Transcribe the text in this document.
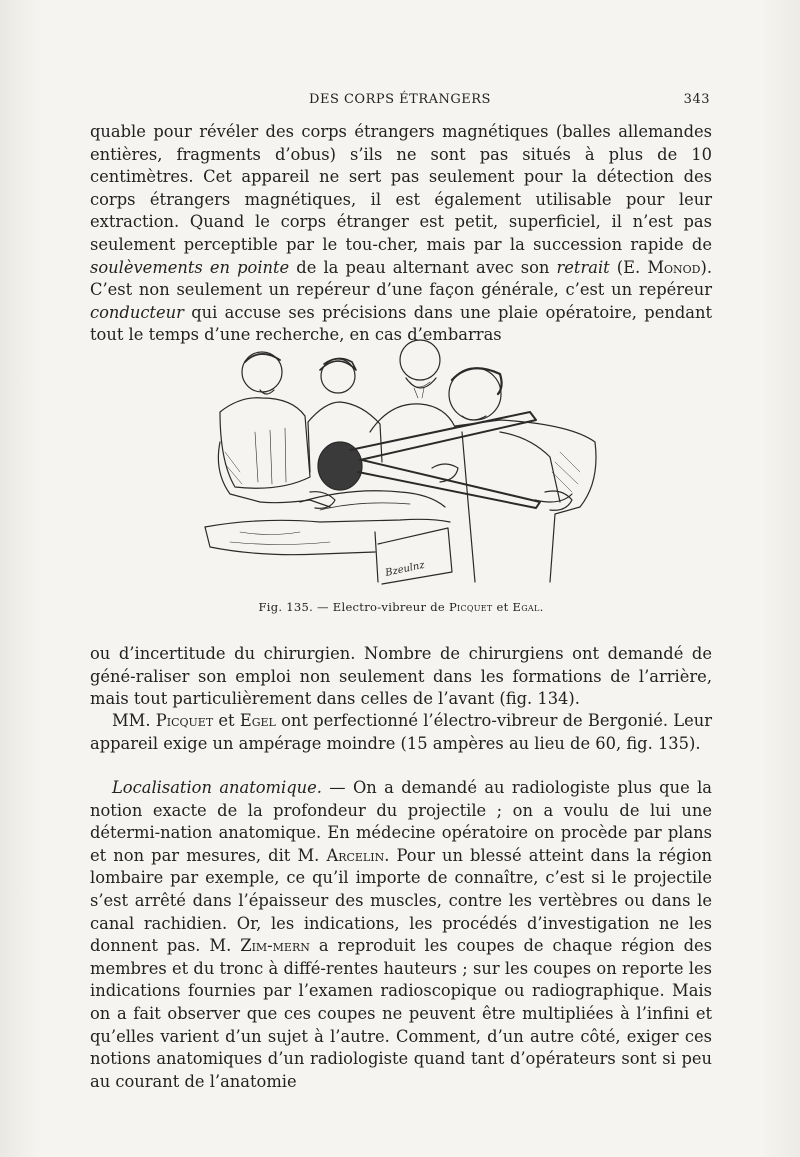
DES CORPS ÉTRANGERS	343

quable pour révéler des corps étrangers magnétiques (balles allemandes entières, fragments d’obus) s’ils ne sont pas situés à plus de 10 centimètres. Cet appareil ne sert pas seulement pour la détection des corps étrangers magnétiques, il est également utilisable pour leur extraction. Quand le corps étranger est petit, superficiel, il n’est pas seulement perceptible par le tou-cher, mais par la succession rapide de soulèvements en pointe de la peau alternant avec son retrait (E. Monod). C’est non seulement un repéreur d’une façon générale, c’est un repéreur conducteur qui accuse ses précisions dans une plaie opératoire, pendant tout le temps d’une recherche, en cas d’embarras

Bzeulnz
Fig. 135. — Electro-vibreur de Picquet et Egal.

ou d’incertitude du chirurgien. Nombre de chirurgiens ont demandé de géné-raliser son emploi non seulement dans les formations de l’arrière, mais tout particulièrement dans celles de l’avant (fig. 134).

MM. Picquet et Egel ont perfectionné l’électro-vibreur de Bergonié. Leur appareil exige un ampérage moindre (15 ampères au lieu de 60, fig. 135).

Localisation anatomique. — On a demandé au radiologiste plus que la notion exacte de la profondeur du projectile ; on a voulu de lui une détermi-nation anatomique. En médecine opératoire on procède par plans et non par mesures, dit M. Arcelin. Pour un blessé atteint dans la région lombaire par exemple, ce qu’il importe de connaître, c’est si le projectile s’est arrêté dans l’épaisseur des muscles, contre les vertèbres ou dans le canal rachidien. Or, les indications, les procédés d’investigation ne les donnent pas. M. Zim-mern a reproduit les coupes de chaque région des membres et du tronc à diffé-rentes hauteurs ; sur les coupes on reporte les indications fournies par l’examen radioscopique ou radiographique. Mais on a fait observer que ces coupes ne peuvent être multipliées à l’infini et qu’elles varient d’un sujet à l’autre. Comment, d’un autre côté, exiger ces notions anatomiques d’un radiologiste quand tant d’opérateurs sont si peu au courant de l’anatomie
